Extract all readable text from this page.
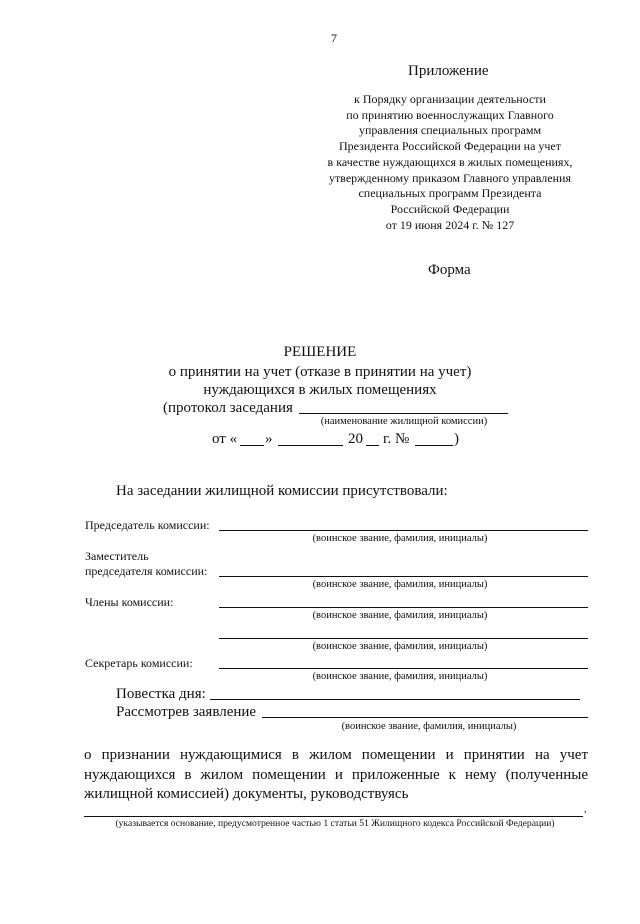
7
Приложение
к Порядку организации деятельности
по принятию военнослужащих Главного
управления специальных программ
Президента Российской Федерации на учет
в качестве нуждающихся в жилых помещениях,
утвержденному приказом Главного управления
специальных программ Президента
Российской Федерации
от 19 июня 2024 г. № 127
Форма
РЕШЕНИЕ
о принятии на учет (отказе в принятии на учет)
нуждающихся в жилых помещениях
(протокол заседания
(наименование жилищной комиссии)
от « »	20 г. №	)
На заседании жилищной комиссии присутствовали:
Председатель комиссии:
(воинское звание, фамилия, инициалы)
Заместитель
председателя комиссии:
(воинское звание, фамилия, инициалы)
Члены комиссии:
(воинское звание, фамилия, инициалы)
(воинское звание, фамилия, инициалы)
Секретарь комиссии:
(воинское звание, фамилия, инициалы)
Повестка дня:
Рассмотрев заявление
(воинское звание, фамилия, инициалы)
о признании нуждающимися в жилом помещении и принятии на учет
нуждающихся в жилом помещении и приложенные к нему (полученные
жилищной комиссией) документы, руководствуясь
,
(указывается основание, предусмотренное частью 1 статьи 51 Жилищного кодекса Российской Федерации)
